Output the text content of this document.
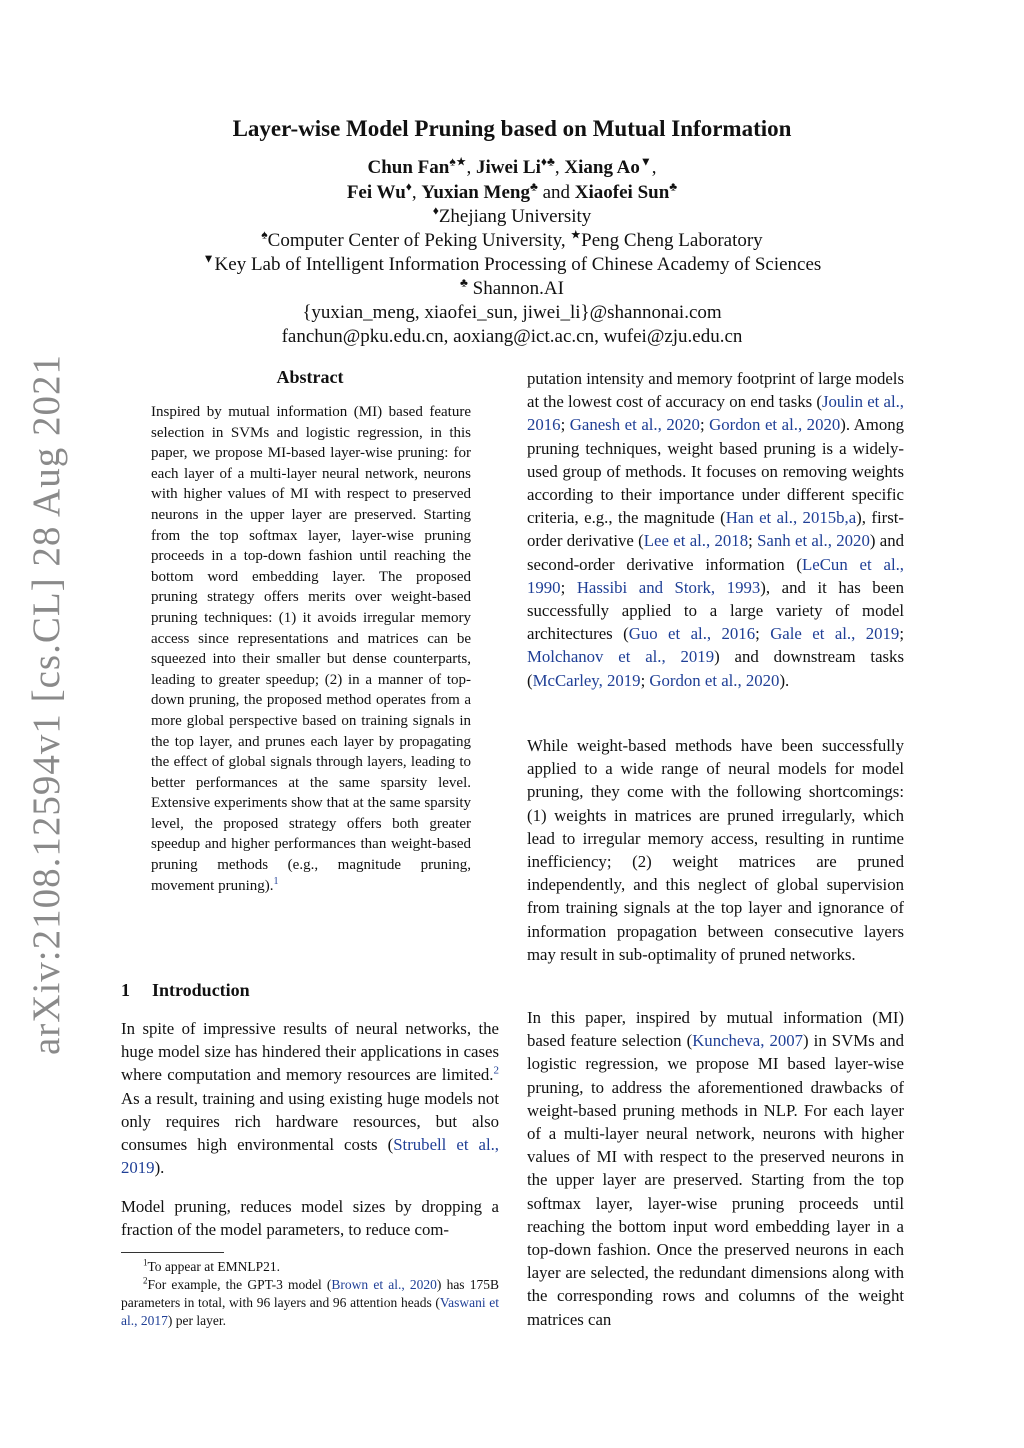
arXiv:2108.12594v1 [cs.CL] 28 Aug 2021
Layer-wise Model Pruning based on Mutual Information
Chun Fan♠★, Jiwei Li♦♣, Xiang Ao▼,
Fei Wu♦, Yuxian Meng♣ and Xiaofei Sun♣
♦Zhejiang University
♠Computer Center of Peking University, ★Peng Cheng Laboratory
▼Key Lab of Intelligent Information Processing of Chinese Academy of Sciences
♣ Shannon.AI
{yuxian_meng, xiaofei_sun, jiwei_li}@shannonai.com
fanchun@pku.edu.cn, aoxiang@ict.ac.cn, wufei@zju.edu.cn
Abstract
Inspired by mutual information (MI) based feature selection in SVMs and logistic regression, in this paper, we propose MI-based layer-wise pruning: for each layer of a multi-layer neural network, neurons with higher values of MI with respect to preserved neurons in the upper layer are preserved. Starting from the top softmax layer, layer-wise pruning proceeds in a top-down fashion until reaching the bottom word embedding layer. The proposed pruning strategy offers merits over weight-based pruning techniques: (1) it avoids irregular memory access since representations and matrices can be squeezed into their smaller but dense counterparts, leading to greater speedup; (2) in a manner of top-down pruning, the proposed method operates from a more global perspective based on training signals in the top layer, and prunes each layer by propagating the effect of global signals through layers, leading to better performances at the same sparsity level. Extensive experiments show that at the same sparsity level, the proposed strategy offers both greater speedup and higher performances than weight-based pruning methods (e.g., magnitude pruning, movement pruning).$^1$
1 Introduction
In spite of impressive results of neural networks, the huge model size has hindered their applications in cases where computation and memory resources are limited.$^2$ As a result, training and using existing huge models not only requires rich hardware resources, but also consumes high environmental costs (Strubell et al., 2019).
Model pruning, reduces model sizes by dropping a fraction of the model parameters, to reduce com-
putation intensity and memory footprint of large models at the lowest cost of accuracy on end tasks (Joulin et al., 2016; Ganesh et al., 2020; Gordon et al., 2020). Among pruning techniques, weight based pruning is a widely-used group of methods. It focuses on removing weights according to their importance under different specific criteria, e.g., the magnitude (Han et al., 2015b,a), first-order derivative (Lee et al., 2018; Sanh et al., 2020) and second-order derivative information (LeCun et al., 1990; Hassibi and Stork, 1993), and it has been successfully applied to a large variety of model architectures (Guo et al., 2016; Gale et al., 2019; Molchanov et al., 2019) and downstream tasks (McCarley, 2019; Gordon et al., 2020).
While weight-based methods have been successfully applied to a wide range of neural models for model pruning, they come with the following shortcomings: (1) weights in matrices are pruned irregularly, which lead to irregular memory access, resulting in runtime inefficiency; (2) weight matrices are pruned independently, and this neglect of global supervision from training signals at the top layer and ignorance of information propagation between consecutive layers may result in sub-optimality of pruned networks.
In this paper, inspired by mutual information (MI) based feature selection (Kuncheva, 2007) in SVMs and logistic regression, we propose MI based layer-wise pruning, to address the aforementioned drawbacks of weight-based pruning methods in NLP. For each layer of a multi-layer neural network, neurons with higher values of MI with respect to the preserved neurons in the upper layer are preserved. Starting from the top softmax layer, layer-wise pruning proceeds until reaching the bottom input word embedding layer in a top-down fashion. Once the preserved neurons in each layer are selected, the redundant dimensions along with the corresponding rows and columns of the weight matrices can
$^1$To appear at EMNLP21.
$^2$For example, the GPT-3 model (Brown et al., 2020) has 175B parameters in total, with 96 layers and 96 attention heads (Vaswani et al., 2017) per layer.
